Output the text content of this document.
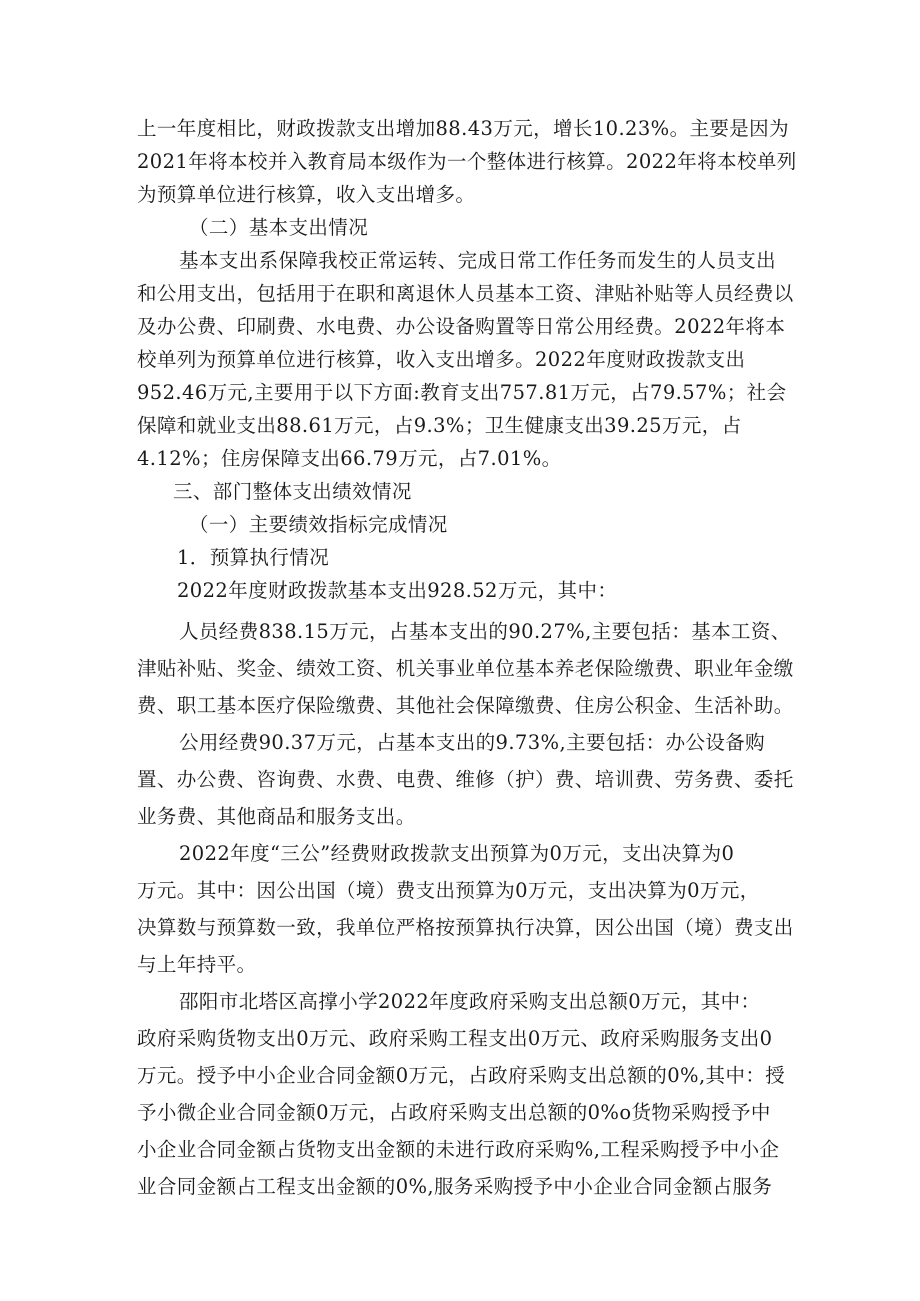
上一年度相比，财政拨款支出增加88.43万元，增长10.23%。主要是因为
2021年将本校并入教育局本级作为一个整体进行核算。2022年将本校单列
为预算单位进行核算，收入支出增多。
（二）基本支出情况
基本支出系保障我校正常运转、完成日常工作任务而发生的人员支出
和公用支出，包括用于在职和离退休人员基本工资、津贴补贴等人员经费以
及办公费、印刷费、水电费、办公设备购置等日常公用经费。2022年将本
校单列为预算单位进行核算，收入支出增多。2022年度财政拨款支出
952.46万元,主要用于以下方面:教育支出757.81万元，占79.57%；社会
保障和就业支出88.61万元，占9.3%；卫生健康支出39.25万元，占
4.12%；住房保障支出66.79万元，占7.01%。
三、部门整体支出绩效情况
（一）主要绩效指标完成情况
1．预算执行情况
2022年度财政拨款基本支出928.52万元，其中：
人员经费838.15万元，占基本支出的90.27%,主要包括：基本工资、
津贴补贴、奖金、绩效工资、机关事业单位基本养老保险缴费、职业年金缴
费、职工基本医疗保险缴费、其他社会保障缴费、住房公积金、生活补助。
公用经费90.37万元，占基本支出的9.73%,主要包括：办公设备购
置、办公费、咨询费、水费、电费、维修（护）费、培训费、劳务费、委托
业务费、其他商品和服务支出。
2022年度“三公”经费财政拨款支出预算为0万元，支出决算为0
万元。其中：因公出国（境）费支出预算为0万元，支出决算为0万元，
决算数与预算数一致，我单位严格按预算执行决算，因公出国（境）费支出
与上年持平。
邵阳市北塔区高撑小学2022年度政府采购支出总额0万元，其中：
政府采购货物支出0万元、政府采购工程支出0万元、政府采购服务支出0
万元。授予中小企业合同金额0万元，占政府采购支出总额的0%,其中：授
予小微企业合同金额0万元，占政府采购支出总额的0%o货物采购授予中
小企业合同金额占货物支出金额的未进行政府采购%,工程采购授予中小企
业合同金额占工程支出金额的0%,服务采购授予中小企业合同金额占服务
